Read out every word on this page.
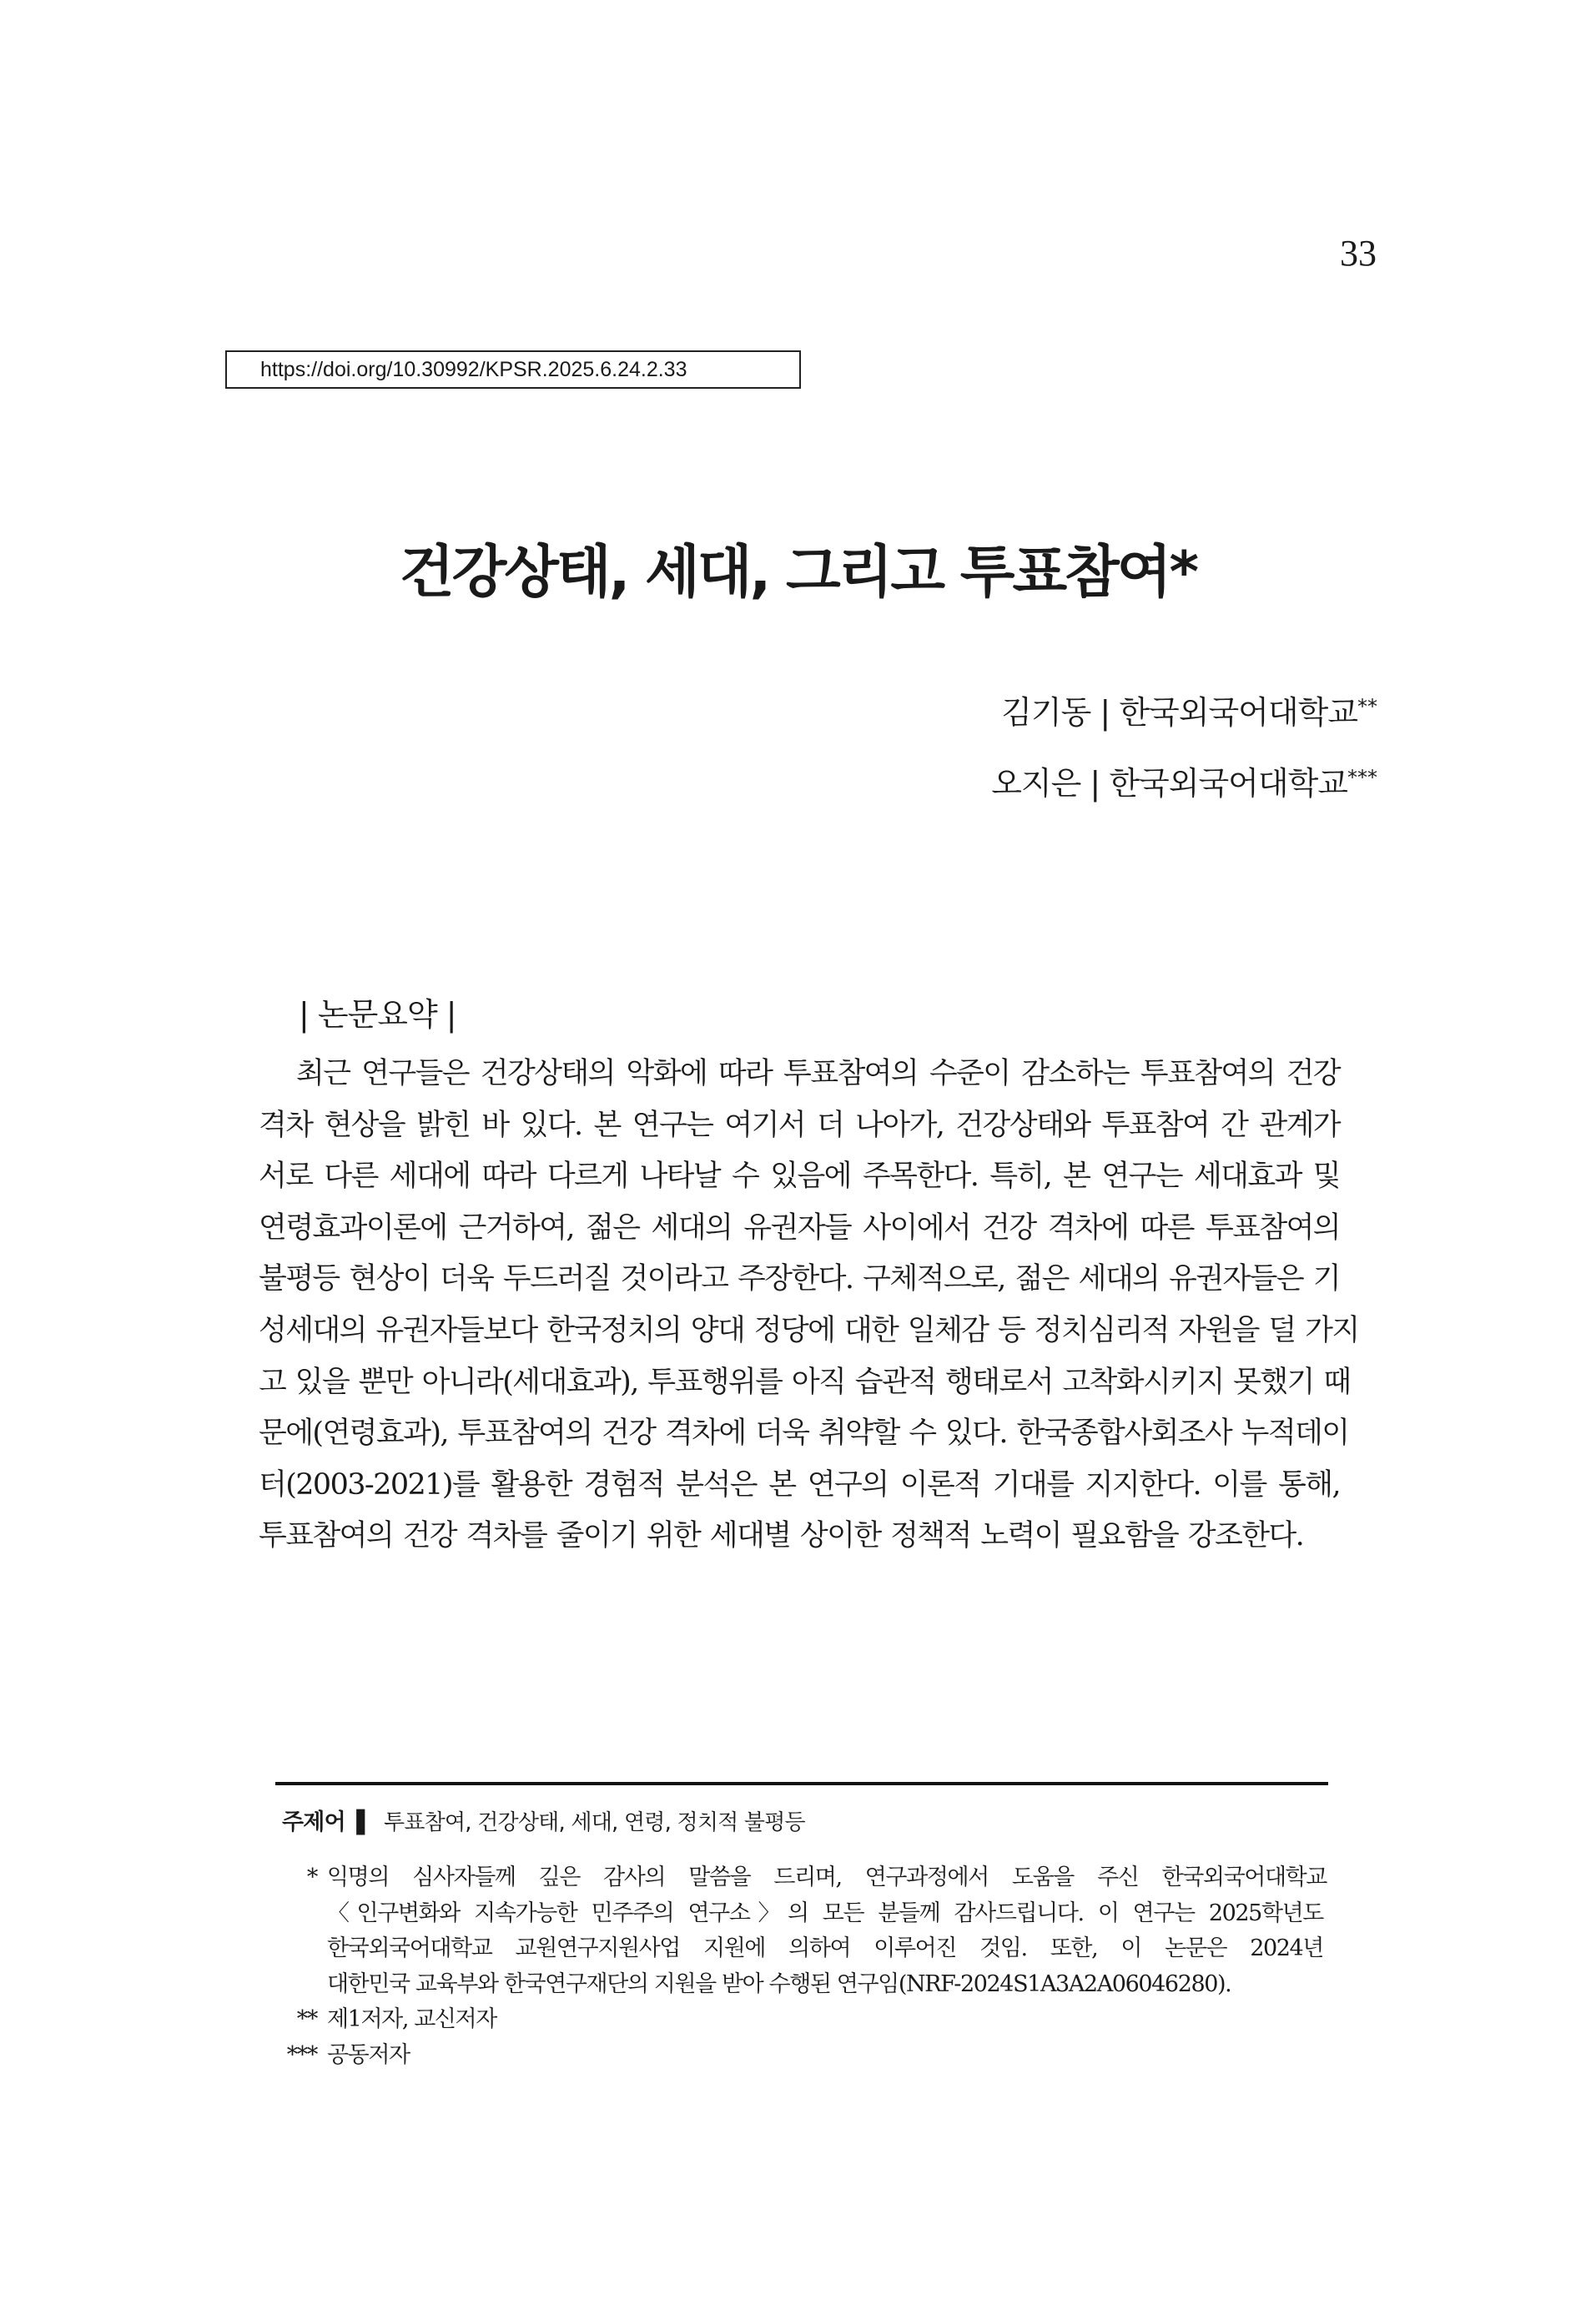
33
https://doi.org/10.30992/KPSR.2025.6.24.2.33
건강상태, 세대, 그리고 투표참여*
김기동 | 한국외국어대학교**
오지은 | 한국외국어대학교***
| 논문요약 |
최근 연구들은 건강상태의 악화에 따라 투표참여의 수준이 감소하는 투표참여의 건강
격차 현상을 밝힌 바 있다. 본 연구는 여기서 더 나아가, 건강상태와 투표참여 간 관계가
서로 다른 세대에 따라 다르게 나타날 수 있음에 주목한다. 특히, 본 연구는 세대효과 및
연령효과이론에 근거하여, 젊은 세대의 유권자들 사이에서 건강 격차에 따른 투표참여의
불평등 현상이 더욱 두드러질 것이라고 주장한다. 구체적으로, 젊은 세대의 유권자들은 기
성세대의 유권자들보다 한국정치의 양대 정당에 대한 일체감 등 정치심리적 자원을 덜 가지
고 있을 뿐만 아니라(세대효과), 투표행위를 아직 습관적 행태로서 고착화시키지 못했기 때
문에(연령효과), 투표참여의 건강 격차에 더욱 취약할 수 있다. 한국종합사회조사 누적데이
터(2003-2021)를 활용한 경험적 분석은 본 연구의 이론적 기대를 지지한다. 이를 통해,
투표참여의 건강 격차를 줄이기 위한 세대별 상이한 정책적 노력이 필요함을 강조한다.
주제어 ▌ 투표참여, 건강상태, 세대, 연령, 정치적 불평등
* 익명의 심사자들께 깊은 감사의 말씀을 드리며, 연구과정에서 도움을 주신 한국외국어대학교
〈인구변화와 지속가능한 민주주의 연구소〉의 모든 분들께 감사드립니다. 이 연구는 2025학년도
한국외국어대학교 교원연구지원사업 지원에 의하여 이루어진 것임. 또한, 이 논문은 2024년
대한민국 교육부와 한국연구재단의 지원을 받아 수행된 연구임(NRF-2024S1A3A2A06046280).
** 제1저자, 교신저자
*** 공동저자
